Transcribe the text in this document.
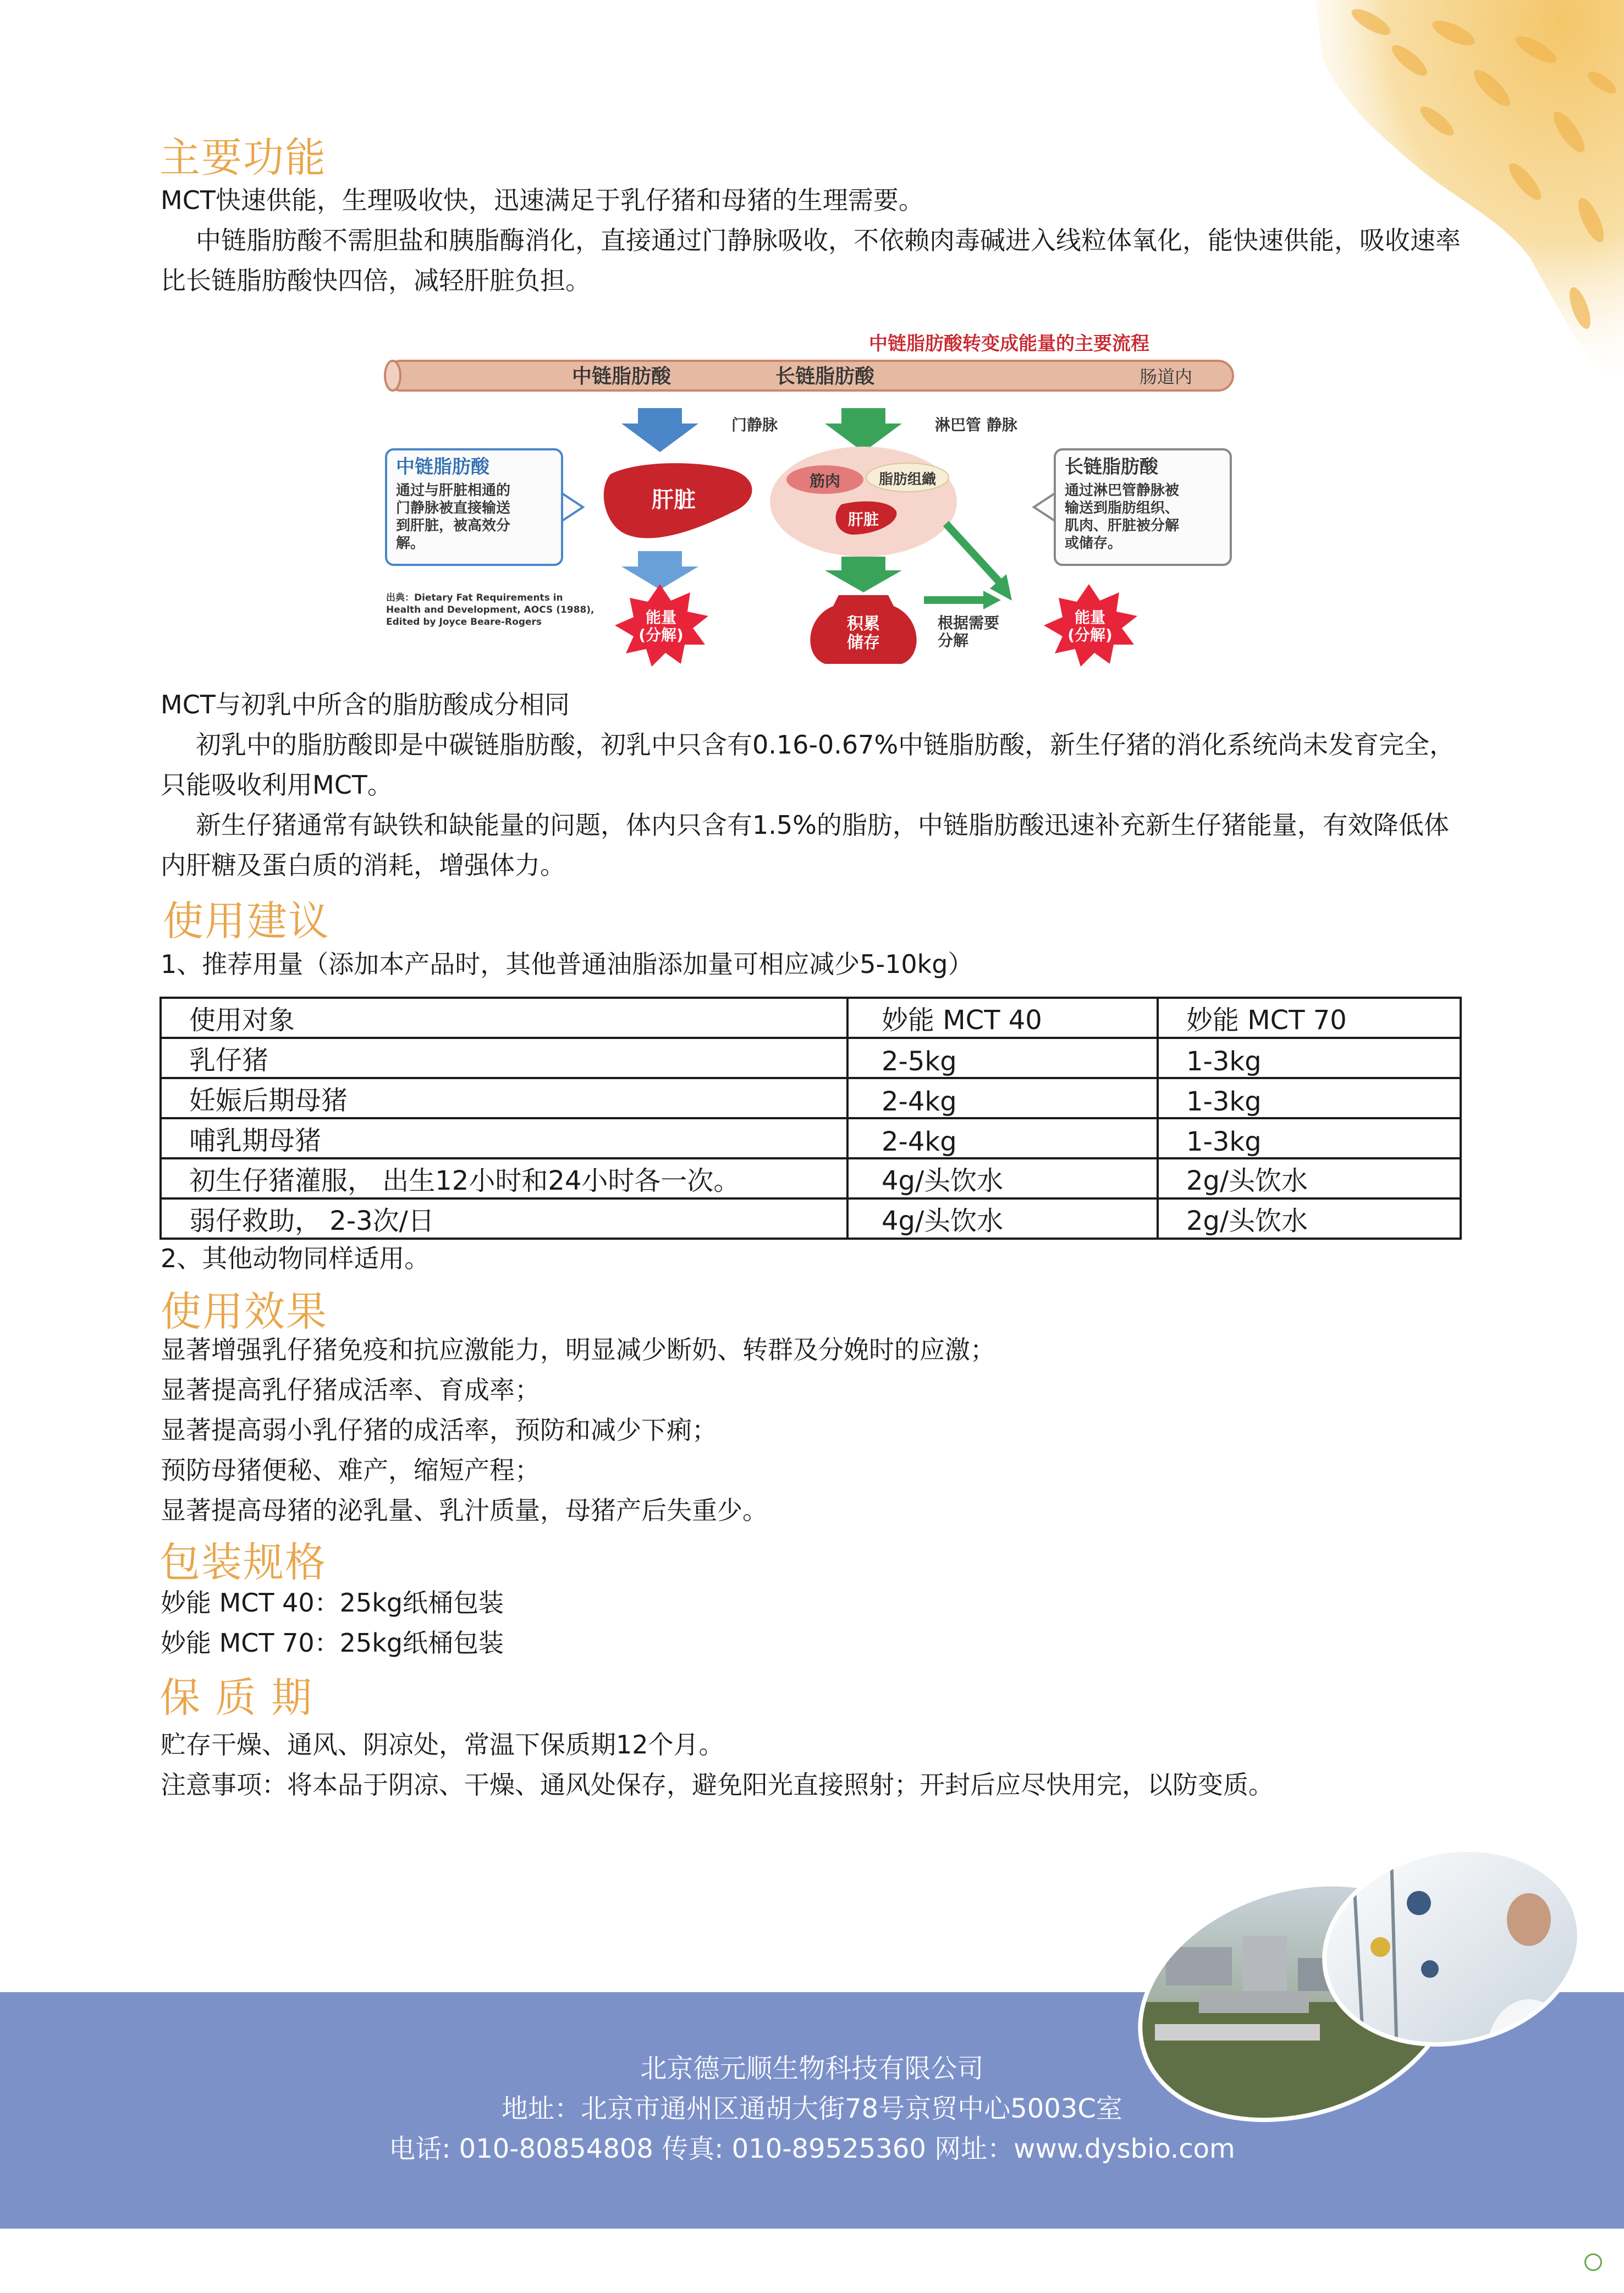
主要功能

MCT快速供能，生理吸收快，迅速满足于乳仔猪和母猪的生理需要。

中链脂肪酸不需胆盐和胰脂酶消化，直接通过门静脉吸收，不依赖肉毒碱进入线粒体氧化，能快速供能，吸收速率比长链脂肪酸快四倍，减轻肝脏负担。

中链脂肪酸转变成能量的主要流程
中链脂肪酸	长链脂肪酸	肠道内
门静脉	淋巴管 静脉
肝脏
筋肉	脂肪组織
肝脏
中链脂肪酸
通过与肝脏相通的门静脉被直接输送到肝脏，被高效分解。
长链脂肪酸
通过淋巴管静脉被输送到脂肪组织、肌肉、肝脏被分解或储存。
能量(分解)
积累储存
根据需要分解
能量(分解)
出典：Dietary Fat Requirements in Health and Development, AOCS (1988), Edited by Joyce Beare-Rogers

MCT与初乳中所含的脂肪酸成分相同

初乳中的脂肪酸即是中碳链脂肪酸，初乳中只含有0.16-0.67%中链脂肪酸，新生仔猪的消化系统尚未发育完全，只能吸收利用MCT。

新生仔猪通常有缺铁和缺能量的问题，体内只含有1.5%的脂肪，中链脂肪酸迅速补充新生仔猪能量，有效降低体内肝糖及蛋白质的消耗，增强体力。

使用建议

1、推荐用量（添加本产品时，其他普通油脂添加量可相应减少5-10kg）

使用对象	妙能 MCT 40	妙能 MCT 70
乳仔猪	2-5kg	1-3kg
妊娠后期母猪	2-4kg	1-3kg
哺乳期母猪	2-4kg	1-3kg
初生仔猪灌服， 出生12小时和24小时各一次。	4g/头饮水	2g/头饮水
弱仔救助， 2-3次/日	4g/头饮水	2g/头饮水

2、其他动物同样适用。

使用效果

显著增强乳仔猪免疫和抗应激能力，明显减少断奶、转群及分娩时的应激；

显著提高乳仔猪成活率、育成率；

显著提高弱小乳仔猪的成活率，预防和减少下痢；

预防母猪便秘、难产，缩短产程；

显著提高母猪的泌乳量、乳汁质量，母猪产后失重少。

包装规格

妙能 MCT 40：25kg纸桶包装

妙能 MCT 70：25kg纸桶包装

保 质 期

贮存干燥、通风、阴凉处，常温下保质期12个月。

注意事项：将本品于阴凉、干燥、通风处保存，避免阳光直接照射；开封后应尽快用完，以防变质。

北京德元顺生物科技有限公司
地址：北京市通州区通胡大街78号京贸中心5003C室
电话: 010-80854808 传真: 010-89525360 网址：www.dysbio.com
